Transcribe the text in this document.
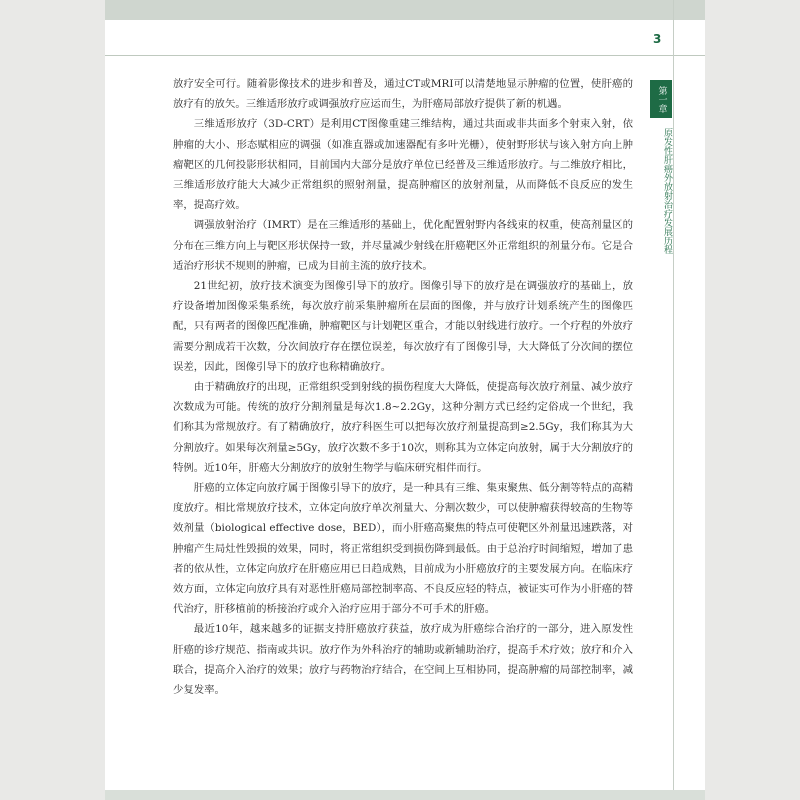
3
第一章
原发性肝癌外放射治疗发展历程

放疗安全可行。随着影像技术的进步和普及，通过CT或MRI可以清楚地显示肿瘤的位置，使肝癌的放疗有的放矢。三维适形放疗或调强放疗应运而生，为肝癌局部放疗提供了新的机遇。

三维适形放疗（3D-CRT）是利用CT图像重建三维结构，通过共面或非共面多个射束入射，依肿瘤的大小、形态赋相应的调强（如准直器或加速器配有多叶光栅），使射野形状与该入射方向上肿瘤靶区的几何投影形状相同，目前国内大部分是放疗单位已经普及三维适形放疗。与二维放疗相比，三维适形放疗能大大减少正常组织的照射剂量，提高肿瘤区的放射剂量，从而降低不良反应的发生率，提高疗效。

调强放射治疗（IMRT）是在三维适形的基础上，优化配置射野内各线束的权重，使高剂量区的分布在三维方向上与靶区形状保持一致，并尽量减少射线在肝癌靶区外正常组织的剂量分布。它是合适治疗形状不规则的肿瘤，已成为目前主流的放疗技术。

21世纪初，放疗技术演变为图像引导下的放疗。图像引导下的放疗是在调强放疗的基础上，放疗设备增加图像采集系统，每次放疗前采集肿瘤所在层面的图像，并与放疗计划系统产生的图像匹配，只有两者的图像匹配准确，肿瘤靶区与计划靶区重合，才能以射线进行放疗。一个疗程的外放疗需要分割成若干次数，分次间放疗存在摆位误差，每次放疗有了图像引导，大大降低了分次间的摆位误差，因此，图像引导下的放疗也称精确放疗。

由于精确放疗的出现，正常组织受到射线的损伤程度大大降低，使提高每次放疗剂量、减少放疗次数成为可能。传统的放疗分割剂量是每次1.8~2.2Gy，这种分割方式已经约定俗成一个世纪，我们称其为常规放疗。有了精确放疗，放疗科医生可以把每次放疗剂量提高到≥2.5Gy，我们称其为大分割放疗。如果每次剂量≥5Gy，放疗次数不多于10次，则称其为立体定向放射，属于大分割放疗的特例。近10年，肝癌大分割放疗的放射生物学与临床研究相伴而行。

肝癌的立体定向放疗属于图像引导下的放疗，是一种具有三维、集束聚焦、低分割等特点的高精度放疗。相比常规放疗技术，立体定向放疗单次剂量大、分割次数少，可以使肿瘤获得较高的生物等效剂量（biological effective dose，BED），而小肝癌高聚焦的特点可使靶区外剂量迅速跌落，对肿瘤产生局灶性毁损的效果，同时，将正常组织受到损伤降到最低。由于总治疗时间缩短，增加了患者的依从性，立体定向放疗在肝癌应用已日趋成熟，目前成为小肝癌放疗的主要发展方向。在临床疗效方面，立体定向放疗具有对恶性肝癌局部控制率高、不良反应轻的特点，被证实可作为小肝癌的替代治疗，肝移植前的桥接治疗或介入治疗应用于部分不可手术的肝癌。

最近10年，越来越多的证据支持肝癌放疗获益，放疗成为肝癌综合治疗的一部分，进入原发性肝癌的诊疗规范、指南或共识。放疗作为外科治疗的辅助或新辅助治疗，提高手术疗效；放疗和介入联合，提高介入治疗的效果；放疗与药物治疗结合，在空间上互相协同，提高肿瘤的局部控制率，减少复发率。
